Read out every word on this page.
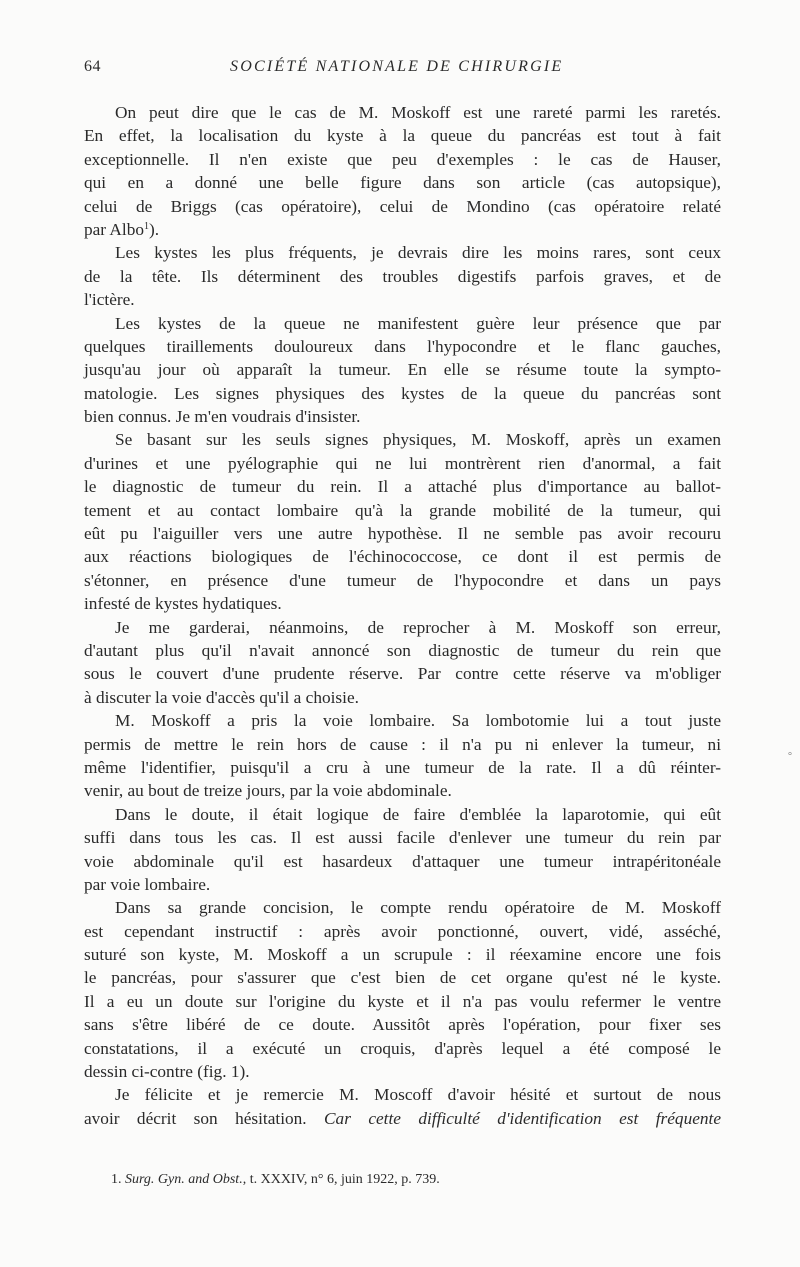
64	SOCIÉTÉ NATIONALE DE CHIRURGIE
On peut dire que le cas de M. Moskoff est une rareté parmi les raretés.
En effet, la localisation du kyste à la queue du pancréas est tout à fait
exceptionnelle. Il n'en existe que peu d'exemples : le cas de Hauser,
qui en a donné une belle figure dans son article (cas autopsique),
celui de Briggs (cas opératoire), celui de Mondino (cas opératoire relaté
par Albo$^1$).
Les kystes les plus fréquents, je devrais dire les moins rares, sont ceux
de la tête. Ils déterminent des troubles digestifs parfois graves, et de
l'ictère.
Les kystes de la queue ne manifestent guère leur présence que par
quelques tiraillements douloureux dans l'hypocondre et le flanc gauches,
jusqu'au jour où apparaît la tumeur. En elle se résume toute la sympto-
matologie. Les signes physiques des kystes de la queue du pancréas sont
bien connus. Je m'en voudrais d'insister.
Se basant sur les seuls signes physiques, M. Moskoff, après un examen
d'urines et une pyélographie qui ne lui montrèrent rien d'anormal, a fait
le diagnostic de tumeur du rein. Il a attaché plus d'importance au ballot-
tement et au contact lombaire qu'à la grande mobilité de la tumeur, qui
eût pu l'aiguiller vers une autre hypothèse. Il ne semble pas avoir recouru
aux réactions biologiques de l'échinococcose, ce dont il est permis de
s'étonner, en présence d'une tumeur de l'hypocondre et dans un pays
infesté de kystes hydatiques.
Je me garderai, néanmoins, de reprocher à M. Moskoff son erreur,
d'autant plus qu'il n'avait annoncé son diagnostic de tumeur du rein que
sous le couvert d'une prudente réserve. Par contre cette réserve va m'obliger
à discuter la voie d'accès qu'il a choisie.
M. Moskoff a pris la voie lombaire. Sa lombotomie lui a tout juste
permis de mettre le rein hors de cause : il n'a pu ni enlever la tumeur, ni
même l'identifier, puisqu'il a cru à une tumeur de la rate. Il a dû réinter-
venir, au bout de treize jours, par la voie abdominale.
Dans le doute, il était logique de faire d'emblée la laparotomie, qui eût
suffi dans tous les cas. Il est aussi facile d'enlever une tumeur du rein par
voie abdominale qu'il est hasardeux d'attaquer une tumeur intrapéritonéale
par voie lombaire.
Dans sa grande concision, le compte rendu opératoire de M. Moskoff
est cependant instructif : après avoir ponctionné, ouvert, vidé, asséché,
suturé son kyste, M. Moskoff a un scrupule : il réexamine encore une fois
le pancréas, pour s'assurer que c'est bien de cet organe qu'est né le kyste.
Il a eu un doute sur l'origine du kyste et il n'a pas voulu refermer le ventre
sans s'être libéré de ce doute. Aussitôt après l'opération, pour fixer ses
constatations, il a exécuté un croquis, d'après lequel a été composé le
dessin ci-contre (fig. 1).
Je félicite et je remercie M. Moscoff d'avoir hésité et surtout de nous
avoir décrit son hésitation. Car cette difficulté d'identification est fréquente
1. Surg. Gyn. and Obst., t. XXXIV, n° 6, juin 1922, p. 739.
°
